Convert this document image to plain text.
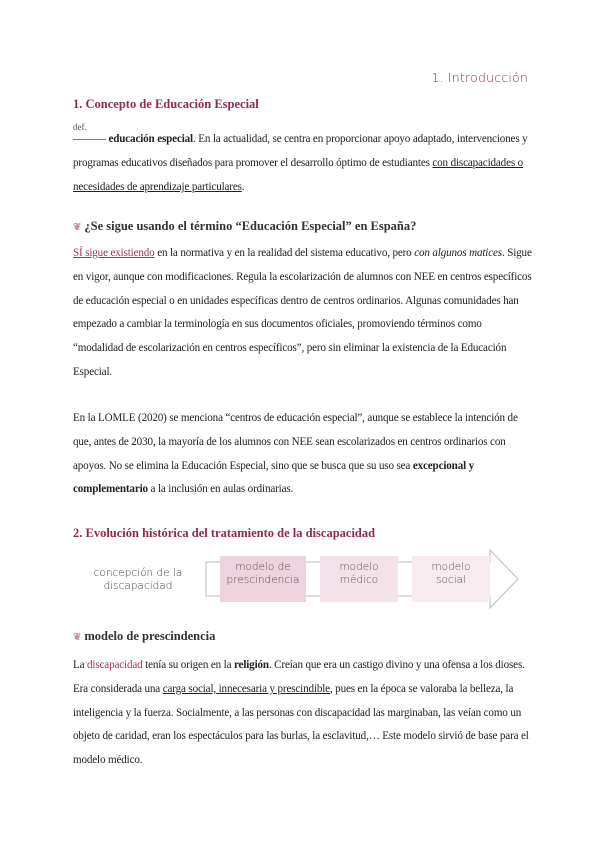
1. Introducción
1. Concepto de Educación Especial
def.
——— educación especial. En la actualidad, se centra en proporcionar apoyo adaptado, intervenciones y programas educativos diseñados para promover el desarrollo óptimo de estudiantes con discapacidades o necesidades de aprendizaje particulares.
❦ ¿Se sigue usando el término “Educación Especial” en España?
SÍ sigue existiendo en la normativa y en la realidad del sistema educativo, pero con algunos matices. Sigue en vigor, aunque con modificaciones. Regula la escolarización de alumnos con NEE en centros específicos de educación especial o en unidades específicas dentro de centros ordinarios. Algunas comunidades han empezado a cambiar la terminología en sus documentos oficiales, promoviendo términos como “modalidad de escolarización en centros específicos”, pero sin eliminar la existencia de la Educación Especial.
En la LOMLE (2020) se menciona “centros de educación especial”, aunque se establece la intención de que, antes de 2030, la mayoría de los alumnos con NEE sean escolarizados en centros ordinarios con apoyos. No se elimina la Educación Especial, sino que se busca que su uso sea excepcional y complementario a la inclusión en aulas ordinarias.
2. Evolución histórica del tratamiento de la discapacidad
concepción de la
discapacidad
modelo de
prescindencia
modelo
médico
modelo
social
❦ modelo de prescindencia
La discapacidad tenía su origen en la religión. Creían que era un castigo divino y una ofensa a los dioses. Era considerada una carga social, innecesaria y prescindible, pues en la época se valoraba la belleza, la inteligencia y la fuerza. Socialmente, a las personas con discapacidad las marginaban, las veían como un objeto de caridad, eran los espectáculos para las burlas, la esclavitud,… Este modelo sirvió de base para el modelo médico.
